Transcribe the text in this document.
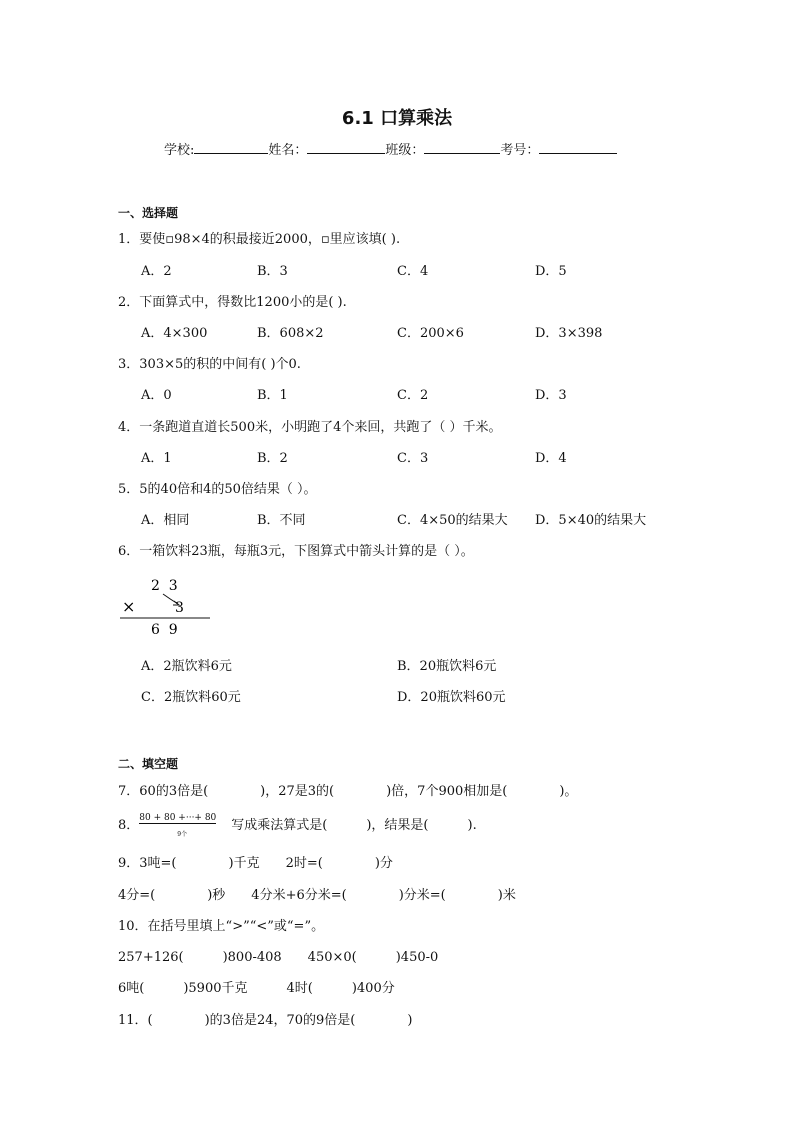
6.1 口算乘法
学校:	姓名：	班级：	考号：
一、选择题
1．要使▫98×4的积最接近2000，▫里应该填( ).
A．2	B．3	C．4	D．5
2．下面算式中，得数比1200小的是( ).
A．4×300	B．608×2	C．200×6	D．3×398
3．303×5的积的中间有( )个0.
A．0	B．1	C．2	D．3
4．一条跑道直道长500米，小明跑了4个来回，共跑了（ ）千米。
A．1	B．2	C．3	D．4
5．5的40倍和4的50倍结果（ ）。
A．相同	B．不同	C．4×50的结果大 D．5×40的结果大
6．一箱饮料23瓶，每瓶3元，下图算式中箭头计算的是（ ）。
2  3
×	3
6  9
A．2瓶饮料6元	B．20瓶饮料6元
C．2瓶饮料60元	D．20瓶饮料60元
二、填空题
7．60的3倍是(　　　　)，27是3的(　　　　)倍，7个900相加是(　　　　)。
8．
80 + 80 +···+ 80
9个
写成乘法算式是(　　　)，结果是(　　　).
9．3吨=(　　　　)千克　　2时=(　　　　)分
4分=(　　　　)秒　　4分米+6分米=(　　　　)分米=(　　　　)米
10．在括号里填上“>”“<”或“=”。
257+126(　　　)800-408　　450×0(　　　)450-0
6吨(　　　)5900千克　　　4时(　　　)400分
11．(　　　　)的3倍是24，70的9倍是(　　　　)
